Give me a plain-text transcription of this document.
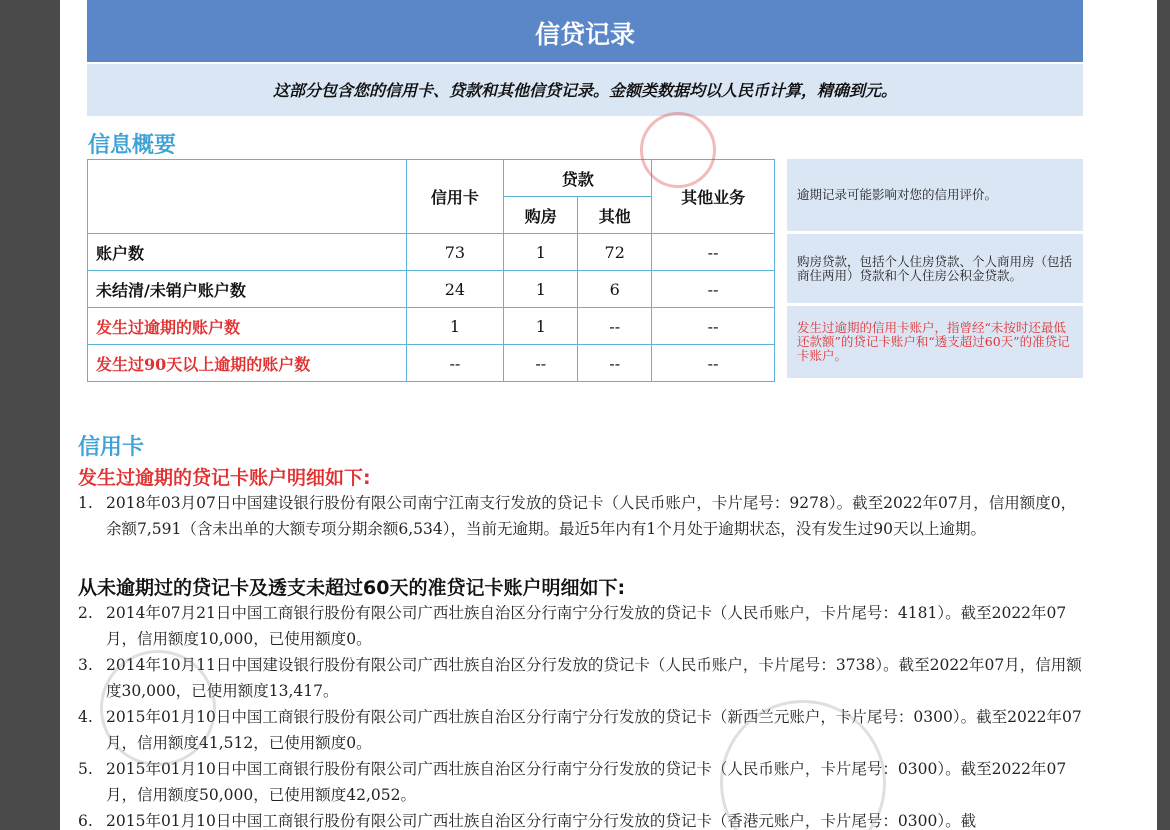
信贷记录
这部分包含您的信用卡、贷款和其他信贷记录。金额类数据均以人民币计算，精确到元。
信息概要
	信用卡	贷款		其他业务
		购房	其他	
账户数	73	1	72	--
未结清/未销户账户数	24	1	6	--
发生过逾期的账户数	1	1	--	--
发生过90天以上逾期的账户数	--	--	--	--
逾期记录可能影响对您的信用评价。
购房贷款，包括个人住房贷款、个人商用房（包括商住两用）贷款和个人住房公积金贷款。
发生过逾期的信用卡账户，指曾经“未按时还最低还款额”的贷记卡账户和“透支超过60天”的准贷记卡账户。
信用卡
发生过逾期的贷记卡账户明细如下:
1. 2018年03月07日中国建设银行股份有限公司南宁江南支行发放的贷记卡（人民币账户，卡片尾号：9278）。截至2022年07月，信用额度0，余额7,591（含未出单的大额专项分期余额6,534），当前无逾期。最近5年内有1个月处于逾期状态，没有发生过90天以上逾期。
从未逾期过的贷记卡及透支未超过60天的准贷记卡账户明细如下:
2. 2014年07月21日中国工商银行股份有限公司广西壮族自治区分行南宁分行发放的贷记卡（人民币账户，卡片尾号：4181）。截至2022年07月，信用额度10,000，已使用额度0。
3. 2014年10月11日中国建设银行股份有限公司广西壮族自治区分行发放的贷记卡（人民币账户，卡片尾号：3738）。截至2022年07月，信用额度30,000，已使用额度13,417。
4. 2015年01月10日中国工商银行股份有限公司广西壮族自治区分行南宁分行发放的贷记卡（新西兰元账户，卡片尾号：0300）。截至2022年07月，信用额度41,512，已使用额度0。
5. 2015年01月10日中国工商银行股份有限公司广西壮族自治区分行南宁分行发放的贷记卡（人民币账户，卡片尾号：0300）。截至2022年07月，信用额度50,000，已使用额度42,052。
6. 2015年01月10日中国工商银行股份有限公司广西壮族自治区分行南宁分行发放的贷记卡（香港元账户，卡片尾号：0300）。截
